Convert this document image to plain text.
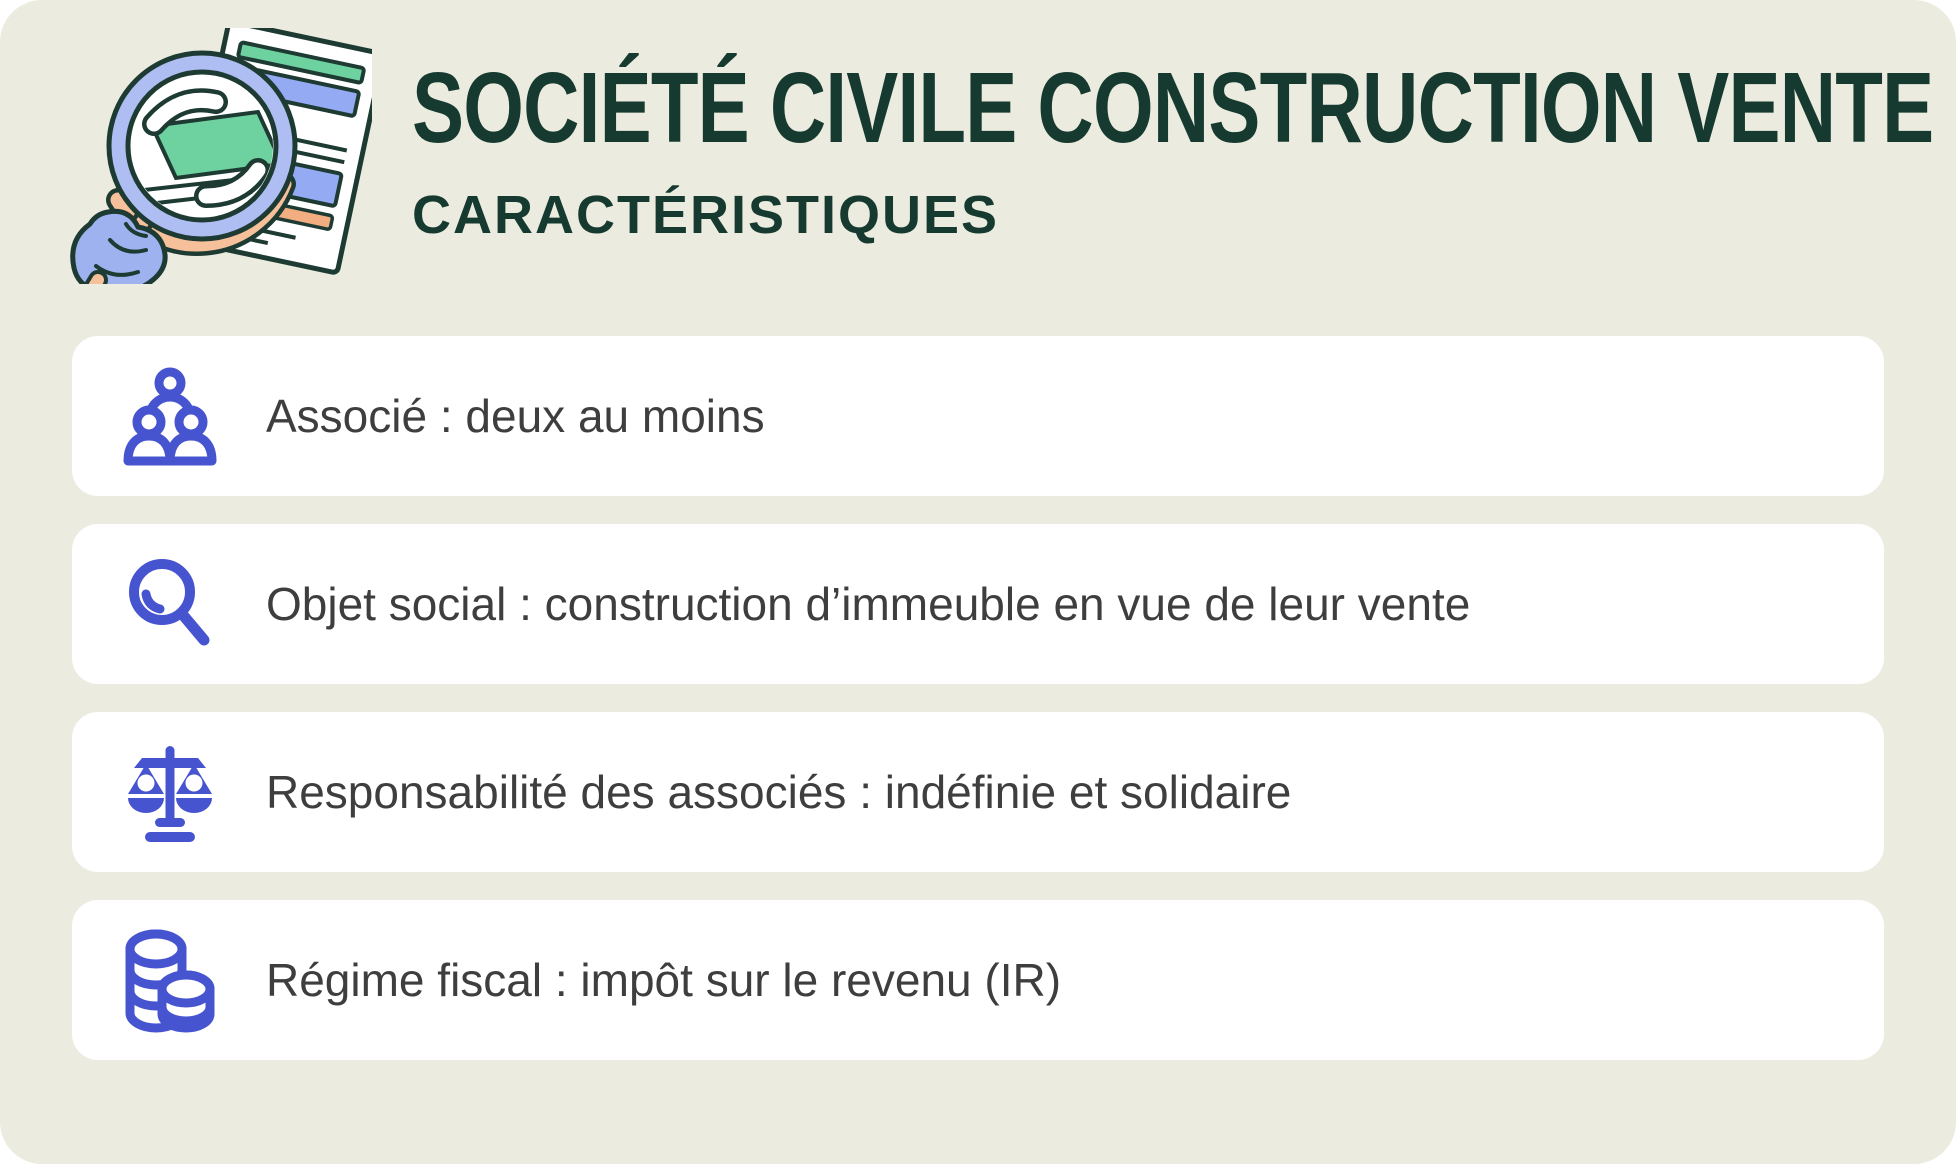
SOCIÉTÉ CIVILE CONSTRUCTION VENTE
CARACTÉRISTIQUES
Associé : deux au moins
Objet social : construction d’immeuble en vue de leur vente
Responsabilité des associés : indéfinie et solidaire
Régime fiscal : impôt sur le revenu (IR)
